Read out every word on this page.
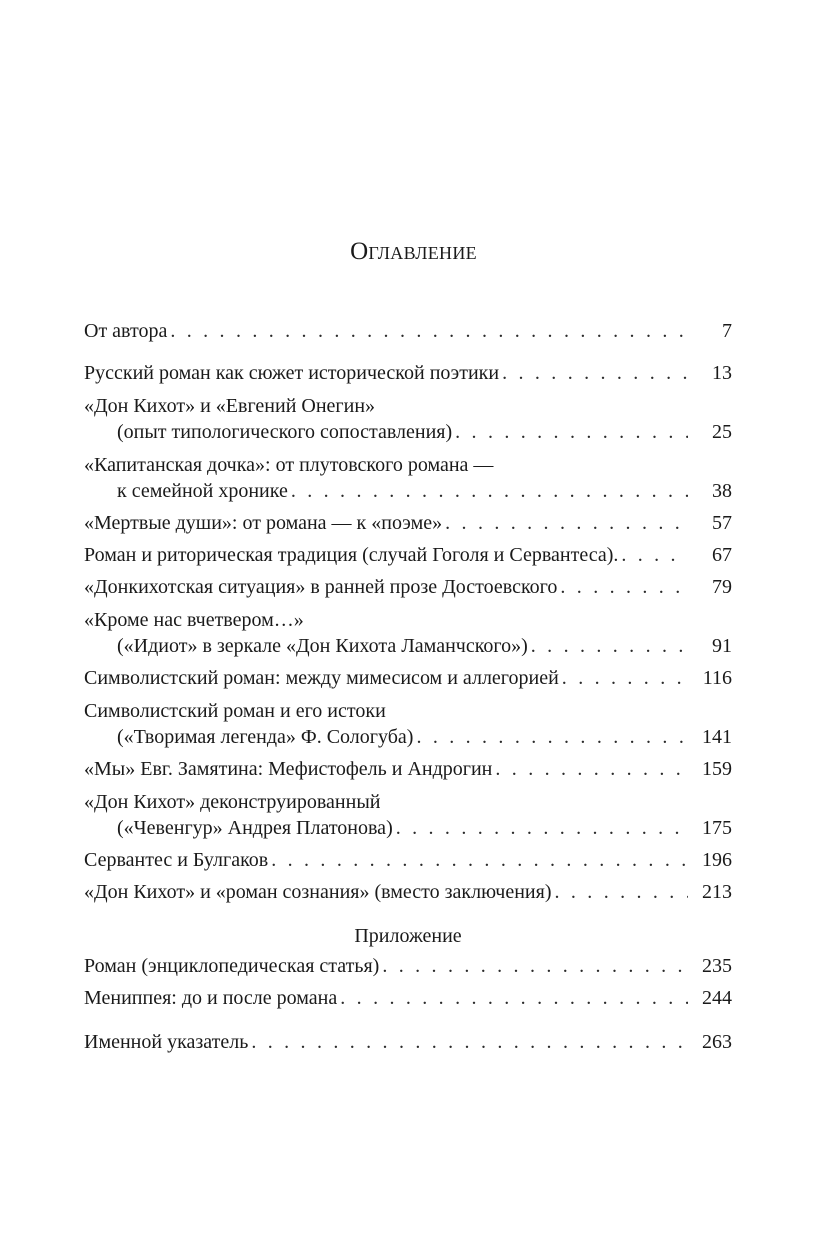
Оглавление
От автора . . .	7
Русский роман как сюжет исторической поэтики . . .	13
«Дон Кихот» и «Евгений Онегин»
(опыт типологического сопоставления) . . .	25
«Капитанская дочка»: от плутовского романа —
к семейной хронике . . .	38
«Мертвые души»: от романа — к «поэме» . . .	57
Роман и риторическая традиция (случай Гоголя и Сервантеса). . . .	67
«Донкихотская ситуация» в ранней прозе Достоевского . . .	79
«Кроме нас вчетвером…»
(«Идиот» в зеркале «Дон Кихота Ламанчского») . . .	91
Символистский роман: между мимесисом и аллегорией . . .	116
Символистский роман и его истоки
(«Творимая легенда» Ф. Сологуба) . . .	141
«Мы» Евг. Замятина: Мефистофель и Андрогин . . .	159
«Дон Кихот» деконструированный
(«Чевенгур» Андрея Платонова) . . .	175
Сервантес и Булгаков . . .	196
«Дон Кихот» и «роман сознания» (вместо заключения) . . .	213
Приложение
Роман (энциклопедическая статья) . . .	235
Мениппея: до и после романа . . .	244
Именной указатель . . .	263
